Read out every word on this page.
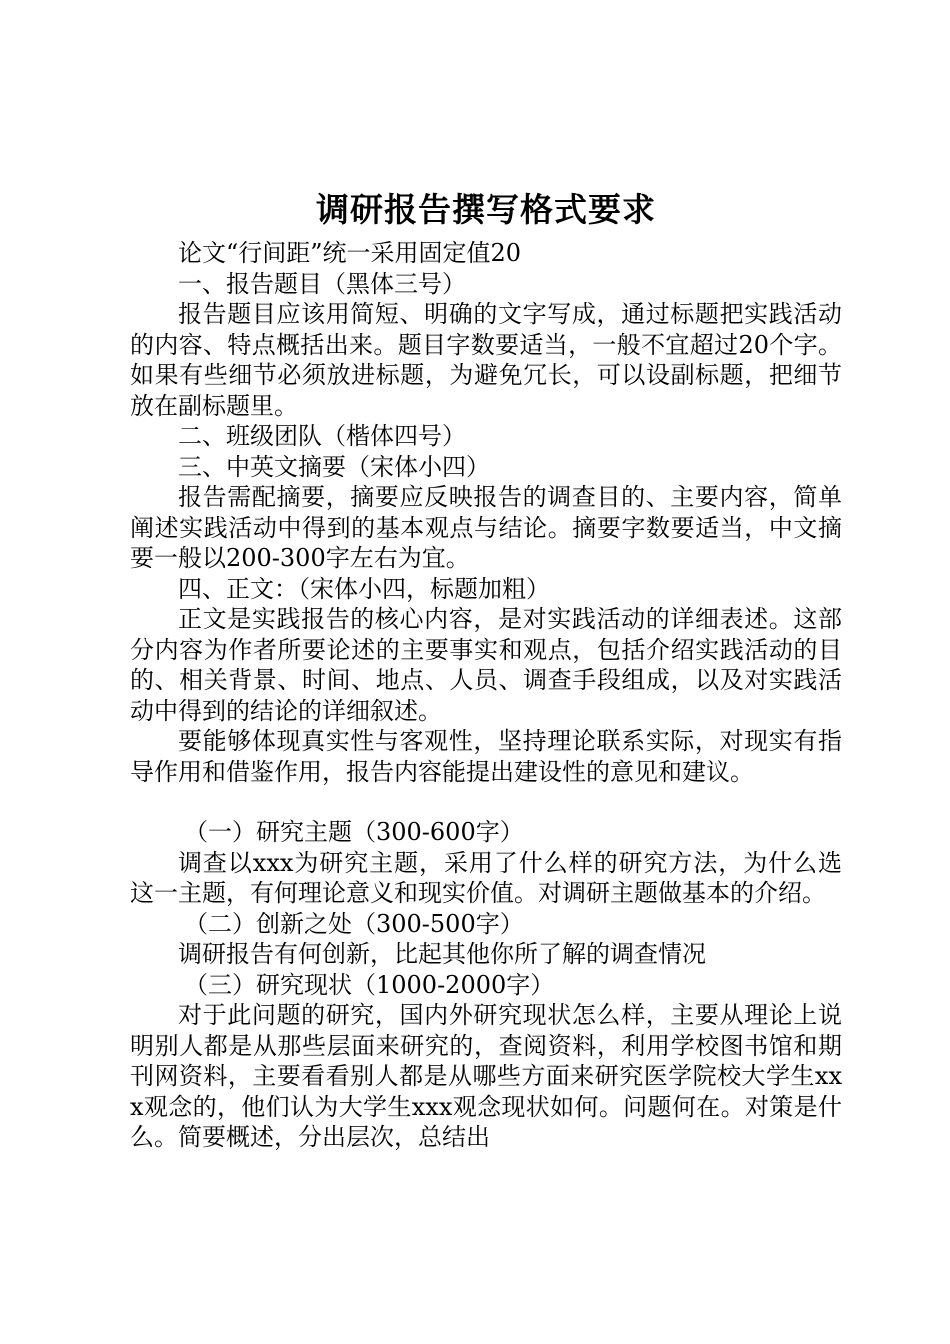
调研报告撰写格式要求

论文“行间距”统一采用固定值20

一、报告题目（黑体三号）

报告题目应该用简短、明确的文字写成，通过标题把实践活动的内容、特点概括出来。题目字数要适当，一般不宜超过20个字。如果有些细节必须放进标题，为避免冗长，可以设副标题，把细节放在副标题里。

二、班级团队（楷体四号）

三、中英文摘要（宋体小四）

报告需配摘要，摘要应反映报告的调查目的、主要内容，简单阐述实践活动中得到的基本观点与结论。摘要字数要适当，中文摘要一般以200-300字左右为宜。

四、正文：（宋体小四，标题加粗）

正文是实践报告的核心内容，是对实践活动的详细表述。这部分内容为作者所要论述的主要事实和观点，包括介绍实践活动的目的、相关背景、时间、地点、人员、调查手段组成，以及对实践活动中得到的结论的详细叙述。

要能够体现真实性与客观性，坚持理论联系实际，对现实有指导作用和借鉴作用，报告内容能提出建设性的意见和建议。

（一）研究主题（300-600字）

调查以xxx为研究主题，采用了什么样的研究方法，为什么选这一主题，有何理论意义和现实价值。对调研主题做基本的介绍。

（二）创新之处（300-500字）

调研报告有何创新，比起其他你所了解的调查情况

（三）研究现状（1000-2000字）

对于此问题的研究，国内外研究现状怎么样，主要从理论上说明别人都是从那些层面来研究的，查阅资料，利用学校图书馆和期刊网资料，主要看看别人都是从哪些方面来研究医学院校大学生xxx观念的，他们认为大学生xxx观念现状如何。问题何在。对策是什么。简要概述，分出层次，总结出
